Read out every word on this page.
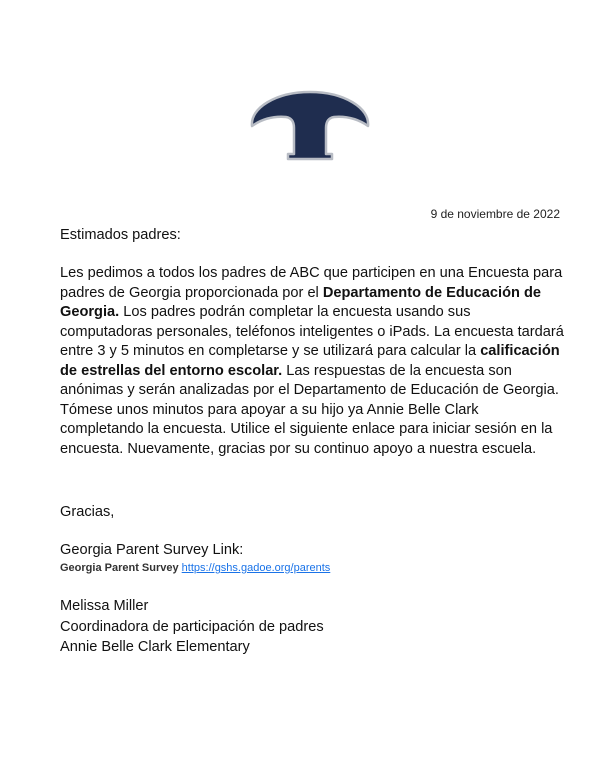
9 de noviembre de 2022

Estimados padres:

Les pedimos a todos los padres de ABC que participen en una Encuesta para padres de Georgia proporcionada por el Departamento de Educación de Georgia. Los padres podrán completar la encuesta usando sus computadoras personales, teléfonos inteligentes o iPads. La encuesta tardará entre 3 y 5 minutos en completarse y se utilizará para calcular la calificación de estrellas del entorno escolar. Las respuestas de la encuesta son anónimas y serán analizadas por el Departamento de Educación de Georgia. Tómese unos minutos para apoyar a su hijo ya Annie Belle Clark completando la encuesta. Utilice el siguiente enlace para iniciar sesión en la encuesta. Nuevamente, gracias por su continuo apoyo a nuestra escuela.

Gracias,

Georgia Parent Survey Link:

Georgia Parent Survey https://gshs.gadoe.org/parents
Melissa Miller
Coordinadora de participación de padres
Annie Belle Clark Elementary
